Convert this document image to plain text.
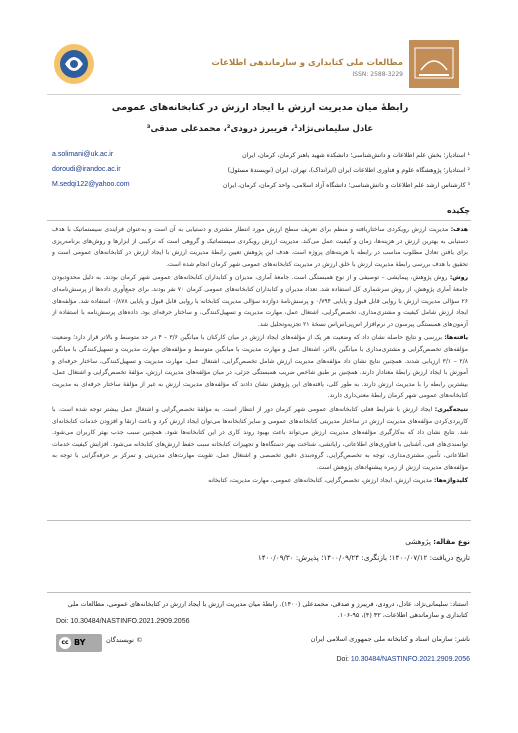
مطالعات ملی کتابداری و سازماندهی اطلاعات
ISSN: 2588-3229
رابطهٔ میان مدیریت ارزش با ایجاد ارزش در کتابخانه‌های عمومی
عادل سلیمانی‌نژاد¹، فریبرز درودی²، محمدعلی صدقی³
¹ استادیار؛ بخش علم اطلاعات و دانش‌شناسی؛ دانشکده شهید باهنر کرمان، کرمان، ایران
a.solimani@uk.ac.ir
² استادیار؛ پژوهشگاه علوم و فناوری اطلاعات ایران (ایرانداک)، تهران، ایران (نویسندهٔ مسئول)
doroudi@irandoc.ac.ir
³ کارشناس ارشد علم اطلاعات و دانش‌شناسی؛ دانشگاه آزاد اسلامی، واحد کرمان، کرمان، ایران
M.sedqi122@yahoo.com
چکیده

هدف: مدیریت ارزش رویکردی ساختاریافته و منظم برای تعریف سطح ارزش مورد انتظار مشتری و دستیابی به آن است و به‌عنوان فرایندی سیستماتیک با هدف دستیابی به بهترین ارزش در هزینه‌ها، زمان و کیفیت عمل می‌کند. مدیریت ارزش رویکردی سیستماتیک و گروهی است که ترکیبی از ابزارها و روش‌های برنامه‌ریزی برای یافتن تعادل مطلوب مناسب در رابطه با هزینه‌های پروژه است. هدف این پژوهش تعیین رابطهٔ مدیریت ارزش با ایجاد ارزش در کتابخانه‌های عمومی است و تحقیق با هدف بررسی رابطهٔ مدیریت ارزش با خلق ارزش در مدیریت کتابخانه‌های عمومی شهر کرمان انجام شده است.

روش: روش پژوهش، پیمایشی – توصیفی و از نوع همبستگی است. جامعهٔ آماری، مدیران و کتابداران کتابخانه‌های عمومی شهر کرمان بودند. به دلیل محدودبودن جامعهٔ آماری پژوهش، از روش سرشماری کل استفاده شد. تعداد مدیران و کتابداران کتابخانه‌های عمومی کرمان ۷۰ نفر بودند. برای جمع‌آوری داده‌ها از پرسش‌نامه‌ای ۲۶ سؤالی مدیریت ارزش با روایی قابل قبول و پایایی ۰/۷۹۴ و پرسش‌نامهٔ دوازده سؤالی مدیریت کتابخانه با روایی قابل قبول و پایایی ۰/۸۷۸ استفاده شد. مؤلفه‌های ایجاد ارزش شامل کیفیت و مشتری‌مداری، تخصص‌گرایی، اشتغال عمل، مهارت مدیریت و تسهیل‌کنندگی، و ساختار حرفه‌ای بود. داده‌های پرسش‌نامه با استفاده از آزمون‌های همبستگی پیرسون در نرم‌افزار اس‌پی‌اس‌اس نسخهٔ ۲۱ تجزیه‌وتحلیل شد.

یافته‌ها: بررسی و نتایج حاصله نشان داد که وضعیت هر یک از مؤلفه‌های ایجاد ارزش در میان کارکنان با میانگین ۳/۶ – ۴ در حد متوسط و بالاتر قرار دارد؛ وضعیت مؤلفه‌های تخصص‌گرایی و مشتری‌مداری با میانگین بالاتر، اشتغال عمل و مهارت مدیریت با میانگین متوسط و مؤلفه‌های مهارت مدیریت و تسهیل‌کنندگی با میانگین ۲/۸ – ۳/۱ ارزیابی شدند. همچنین نتایج نشان داد مؤلفه‌های مدیریت ارزش شامل تخصص‌گرایی، اشتغال عمل، مهارت مدیریت و تسهیل‌کنندگی، ساختار حرفه‌ای و آموزش با ایجاد ارزش رابطهٔ معنادار دارند. همچنین بر طبق شاخص ضریب همبستگی جزئی، در میان مؤلفه‌های مدیریت ارزش، مؤلفهٔ تخصص‌گرایی و اشتغال عمل، بیشترین رابطه را با مدیریت ارزش دارند. به طور کلی، یافته‌های این پژوهش نشان دادند که مؤلفه‌های مدیریت ارزش به غیر از مؤلفهٔ ساختار حرفه‌ای به مدیریت کتابخانه‌های عمومی شهر کرمان رابطهٔ معنی‌داری دارند.

نتیجه‌گیری: ایجاد ارزش با شرایط فعلی کتابخانه‌های عمومی شهر کرمان دور از انتظار است. به مؤلفهٔ تخصص‌گرایی و اشتغال عمل بیشتر توجه شده است. با کاربردی‌کردن مؤلفه‌های مدیریت ارزش در ساختار مدیریتی کتابخانه‌های عمومی و سایر کتابخانه‌ها می‌توان ایجاد ارزش کرد و باعث ارتقا و افزودن خدمات کتابخانه‌ای شد. نتایج نشان داد که به‌کارگیری مؤلفه‌های مدیریت ارزش می‌تواند باعث بهبود روند کاری در این کتابخانه‌ها شود. همچنین سبب جذب بهتر کاربران می‌شود. توانمندی‌های فنی، آشنایی با فناوری‌های اطلاعاتی، رایانشی، شناخت بهتر دستگاه‌ها و تجهیزات کتابخانه سبب حفظ ارزش‌های کتابخانه می‌شود. افزایش کیفیت خدمات اطلاعاتی، تأمین مشتری‌مداری، توجه به تخصص‌گرایی، گروه‌بندی دقیق تخصصی و اشتغال عمل، تقویت مهارت‌های مدیریتی و تمرکز بر حرفه‌گرایی با توجه به مؤلفه‌های مدیریت ارزش از زمره پیشنهادهای پژوهش است.

کلیدواژه‌ها: مدیریت ارزش، ایجاد ارزش، تخصص‌گرایی، کتابخانه‌های عمومی، مهارت مدیریت، کتابخانه

نوع مقاله: پژوهشی
تاریخ دریافت: ۱۴۰۰/۰۷/۱۲؛ بازنگری: ۱۴۰۰/۰۹/۲۴؛ پذیرش: ۱۴۰۰/۰۹/۳۰
استناد: سلیمانی‌نژاد، عادل، درودی، فریبرز و صدقی، محمدعلی (۱۴۰۰). رابطهٔ میان مدیریت ارزش با ایجاد ارزش در کتابخانه‌های عمومی، مطالعات ملی کتابداری و سازماندهی اطلاعات، ۳۲ (۴)، ۹۵-۱۰۶.
Doi: 10.30484/NASTINFO.2021.2909.2056
cc BY	© نویسندگان	ناشر: سازمان اسناد و کتابخانه ملی جمهوری اسلامی ایران
Doi: 10.30484/NASTINFO.2021.2909.2056
